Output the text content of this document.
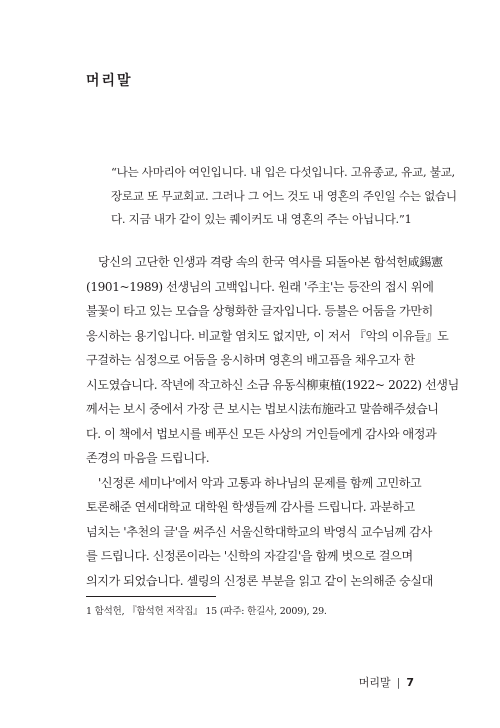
머리말
“나는 사마리아 여인입니다. 내 입은 다섯입니다. 고유종교, 유교, 불교,
장로교 또 무교회교. 그러나 그 어느 것도 내 영혼의 주인일 수는 없습니
다. 지금 내가 같이 있는 퀘이커도 내 영혼의 주는 아닙니다.”1
당신의 고단한 인생과 격랑 속의 한국 역사를 되돌아본 함석헌咸錫憲
(1901~1989) 선생님의 고백입니다. 원래 '주主'는 등잔의 접시 위에
불꽃이 타고 있는 모습을 상형화한 글자입니다. 등불은 어둠을 가만히
응시하는 용기입니다. 비교할 염치도 없지만, 이 저서 『악의 이유들』도
구걸하는 심정으로 어둠을 응시하며 영혼의 배고픔을 채우고자 한
시도였습니다. 작년에 작고하신 소금 유동식柳東植(1922~ 2022) 선생님
께서는 보시 중에서 가장 큰 보시는 법보시法布施라고 말씀해주셨습니
다. 이 책에서 법보시를 베푸신 모든 사상의 거인들에게 감사와 애정과
존경의 마음을 드립니다.
'신정론 세미나'에서 악과 고통과 하나님의 문제를 함께 고민하고
토론해준 연세대학교 대학원 학생들께 감사를 드립니다. 과분하고
넘치는 '추천의 글'을 써주신 서울신학대학교의 박영식 교수님께 감사
를 드립니다. 신정론이라는 '신학의 자갈길'을 함께 벗으로 걸으며
의지가 되었습니다. 셸링의 신정론 부분을 읽고 같이 논의해준 숭실대
1 함석헌, 『함석헌 저작집』 15 (파주: 한길사, 2009), 29.
머리말 | 7
